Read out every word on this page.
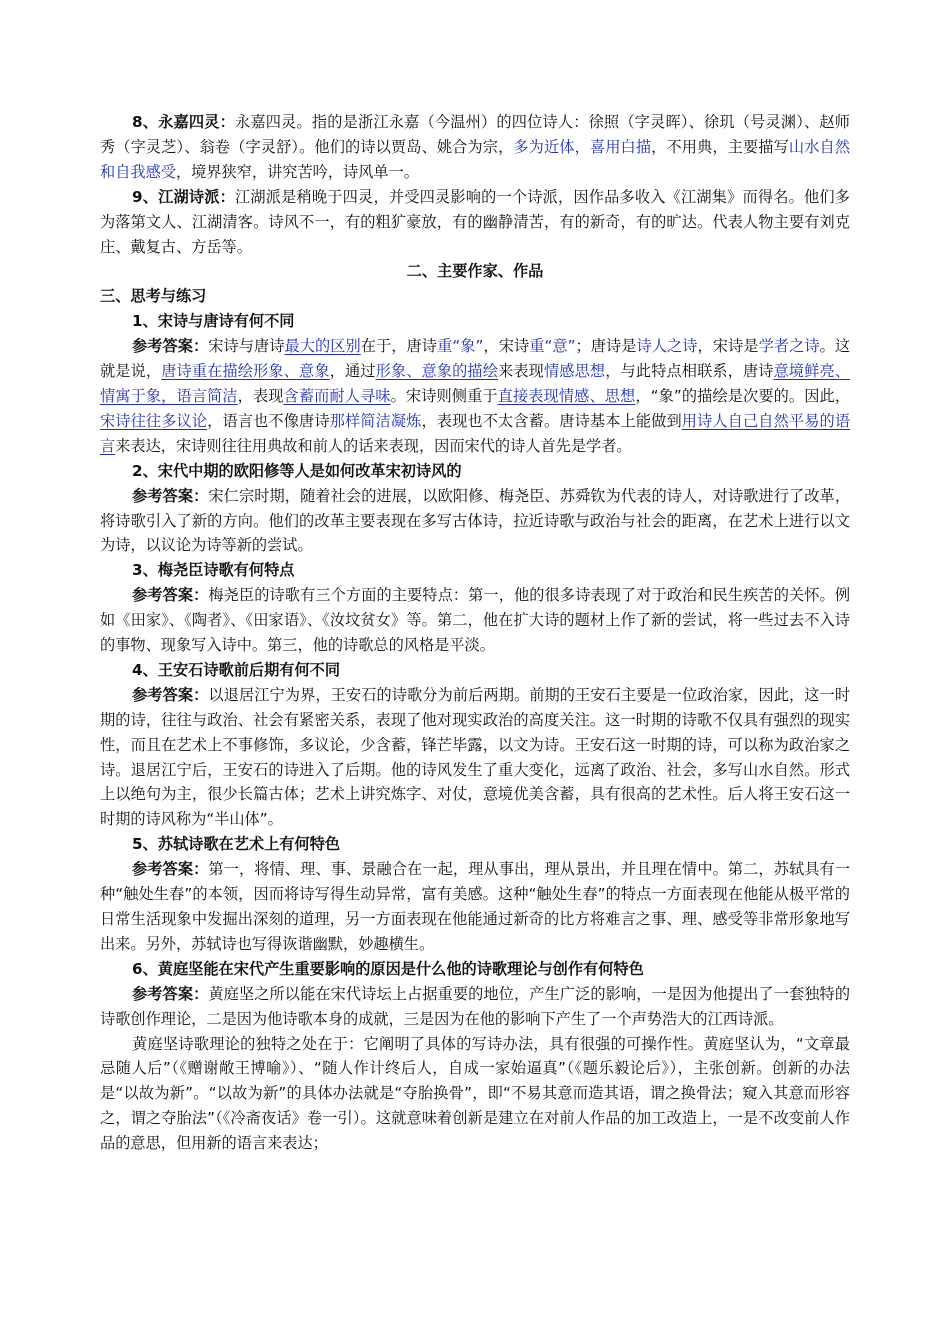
8、永嘉四灵：永嘉四灵。指的是浙江永嘉（今温州）的四位诗人：徐照（字灵晖）、徐玑（号灵渊）、赵师秀（字灵芝）、翁卷（字灵舒）。他们的诗以贾岛、姚合为宗，多为近体，喜用白描，不用典，主要描写山水自然和自我感受，境界狭窄，讲究苦吟，诗风单一。

9、江湖诗派：江湖派是稍晚于四灵，并受四灵影响的一个诗派，因作品多收入《江湖集》而得名。他们多为落第文人、江湖清客。诗风不一，有的粗犷豪放，有的幽静清苦，有的新奇，有的旷达。代表人物主要有刘克庄、戴复古、方岳等。

二、主要作家、作品

三、思考与练习

1、宋诗与唐诗有何不同

参考答案：宋诗与唐诗最大的区别在于，唐诗重“象”，宋诗重“意”；唐诗是诗人之诗，宋诗是学者之诗。这就是说，唐诗重在描绘形象、意象，通过形象、意象的描绘来表现情感思想，与此特点相联系，唐诗意境鲜亮、情寓于象，语言简洁，表现含蓄而耐人寻味。宋诗则侧重于直接表现情感、思想，“象”的描绘是次要的。因此，宋诗往往多议论，语言也不像唐诗那样简洁凝炼，表现也不太含蓄。唐诗基本上能做到用诗人自己自然平易的语言来表达，宋诗则往往用典故和前人的话来表现，因而宋代的诗人首先是学者。

2、宋代中期的欧阳修等人是如何改革宋初诗风的

参考答案：宋仁宗时期，随着社会的进展，以欧阳修、梅尧臣、苏舜钦为代表的诗人，对诗歌进行了改革，将诗歌引入了新的方向。他们的改革主要表现在多写古体诗，拉近诗歌与政治与社会的距离，在艺术上进行以文为诗，以议论为诗等新的尝试。

3、梅尧臣诗歌有何特点

参考答案：梅尧臣的诗歌有三个方面的主要特点：第一，他的很多诗表现了对于政治和民生疾苦的关怀。例如《田家》、《陶者》、《田家语》、《汝坟贫女》等。第二，他在扩大诗的题材上作了新的尝试，将一些过去不入诗的事物、现象写入诗中。第三，他的诗歌总的风格是平淡。

4、王安石诗歌前后期有何不同

参考答案：以退居江宁为界，王安石的诗歌分为前后两期。前期的王安石主要是一位政治家，因此，这一时期的诗，往往与政治、社会有紧密关系，表现了他对现实政治的高度关注。这一时期的诗歌不仅具有强烈的现实性，而且在艺术上不事修饰，多议论，少含蓄，锋芒毕露，以文为诗。王安石这一时期的诗，可以称为政治家之诗。退居江宁后，王安石的诗进入了后期。他的诗风发生了重大变化，远离了政治、社会，多写山水自然。形式上以绝句为主，很少长篇古体；艺术上讲究炼字、对仗，意境优美含蓄，具有很高的艺术性。后人将王安石这一时期的诗风称为“半山体”。

5、苏轼诗歌在艺术上有何特色

参考答案：第一，将情、理、事、景融合在一起，理从事出，理从景出，并且理在情中。第二，苏轼具有一种“触处生春”的本领，因而将诗写得生动异常，富有美感。这种“触处生春”的特点一方面表现在他能从极平常的日常生活现象中发掘出深刻的道理，另一方面表现在他能通过新奇的比方将难言之事、理、感受等非常形象地写出来。另外，苏轼诗也写得诙谐幽默，妙趣横生。

6、黄庭坚能在宋代产生重要影响的原因是什么他的诗歌理论与创作有何特色

参考答案：黄庭坚之所以能在宋代诗坛上占据重要的地位，产生广泛的影响，一是因为他提出了一套独特的诗歌创作理论，二是因为他诗歌本身的成就，三是因为在他的影响下产生了一个声势浩大的江西诗派。

黄庭坚诗歌理论的独特之处在于：它阐明了具体的写诗办法，具有很强的可操作性。黄庭坚认为，“文章最忌随人后”（《赠谢敞王博喻》）、“随人作计终后人，自成一家始逼真”（《题乐毅论后》），主张创新。创新的办法是“以故为新”。“以故为新”的具体办法就是“夺胎换骨”，即“不易其意而造其语，谓之换骨法；窥入其意而形容之，谓之夺胎法”（《冷斋夜话》卷一引）。这就意味着创新是建立在对前人作品的加工改造上，一是不改变前人作品的意思，但用新的语言来表达；
